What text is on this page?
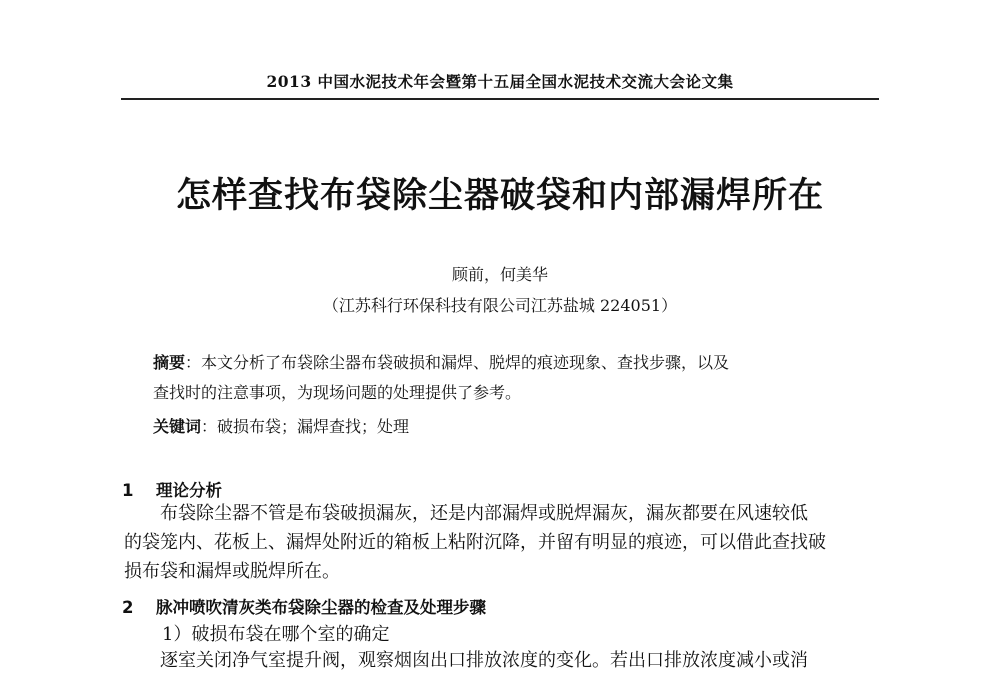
2013 中国水泥技术年会暨第十五届全国水泥技术交流大会论文集
怎样查找布袋除尘器破袋和内部漏焊所在
顾前，何美华
（江苏科行环保科技有限公司江苏盐城 224051）
摘要：本文分析了布袋除尘器布袋破损和漏焊、脱焊的痕迹现象、查找步骤，以及
查找时的注意事项，为现场问题的处理提供了参考。
关键词：破损布袋；漏焊查找；处理
1 理论分析
布袋除尘器不管是布袋破损漏灰，还是内部漏焊或脱焊漏灰，漏灰都要在风速较低
的袋笼内、花板上、漏焊处附近的箱板上粘附沉降，并留有明显的痕迹，可以借此查找破
损布袋和漏焊或脱焊所在。
2 脉冲喷吹清灰类布袋除尘器的检查及处理步骤
1）破损布袋在哪个室的确定
逐室关闭净气室提升阀，观察烟囱出口排放浓度的变化。若出口排放浓度减小或消
